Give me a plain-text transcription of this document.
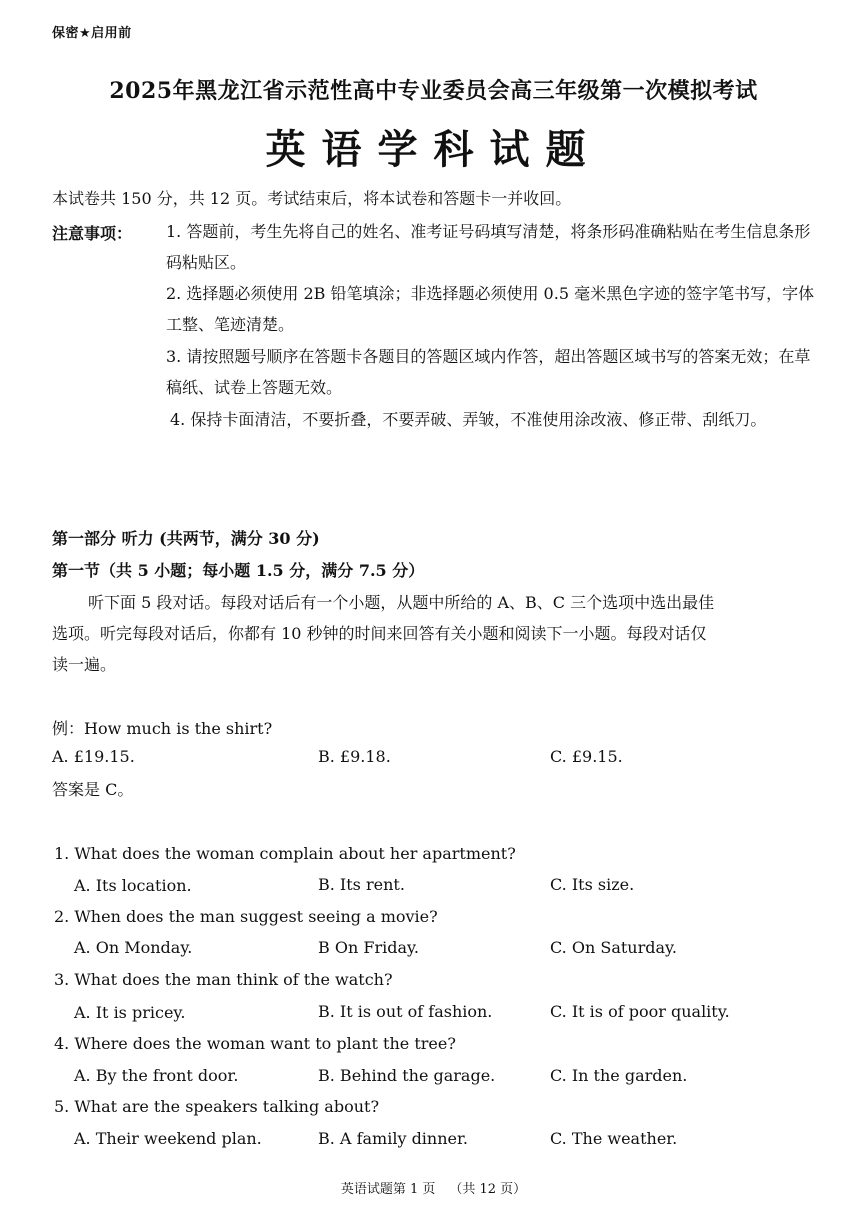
保密★启用前
2025年黑龙江省示范性高中专业委员会高三年级第一次模拟考试
英语学科试题
本试卷共 150 分，共 12 页。考试结束后，将本试卷和答题卡一并收回。
注意事项： 1. 答题前，考生先将自己的姓名、准考证号码填写清楚，将条形码准确粘贴在考生信息条形码粘贴区。
2. 选择题必须使用 2B 铅笔填涂；非选择题必须使用 0.5 毫米黑色字迹的签字笔书写，字体工整、笔迹清楚。
3. 请按照题号顺序在答题卡各题目的答题区域内作答，超出答题区域书写的答案无效；在草稿纸、试卷上答题无效。
4. 保持卡面清洁，不要折叠，不要弄破、弄皱，不准使用涂改液、修正带、刮纸刀。
第一部分 听力 (共两节，满分 30 分)
第一节（共 5 小题；每小题 1.5 分，满分 7.5 分）
听下面 5 段对话。每段对话后有一个小题，从题中所给的 A、B、C 三个选项中选出最佳
选项。听完每段对话后，你都有 10 秒钟的时间来回答有关小题和阅读下一小题。每段对话仅
读一遍。
例：How much is the shirt?
A. £19.15.	B. £9.18.	C. £9.15.
答案是 C。
1. What does the woman complain about her apartment?
A. Its location.	B. Its rent.	C. Its size.
2. When does the man suggest seeing a movie?
A. On Monday.	B On Friday.	C. On Saturday.
3. What does the man think of the watch?
A. It is pricey.	B. It is out of fashion.	C. It is of poor quality.
4. Where does the woman want to plant the tree?
A. By the front door.	B. Behind the garage.	C. In the garden.
5. What are the speakers talking about?
A. Their weekend plan.	B. A family dinner.	C. The weather.
英语试题第 1 页 （共 12 页）
